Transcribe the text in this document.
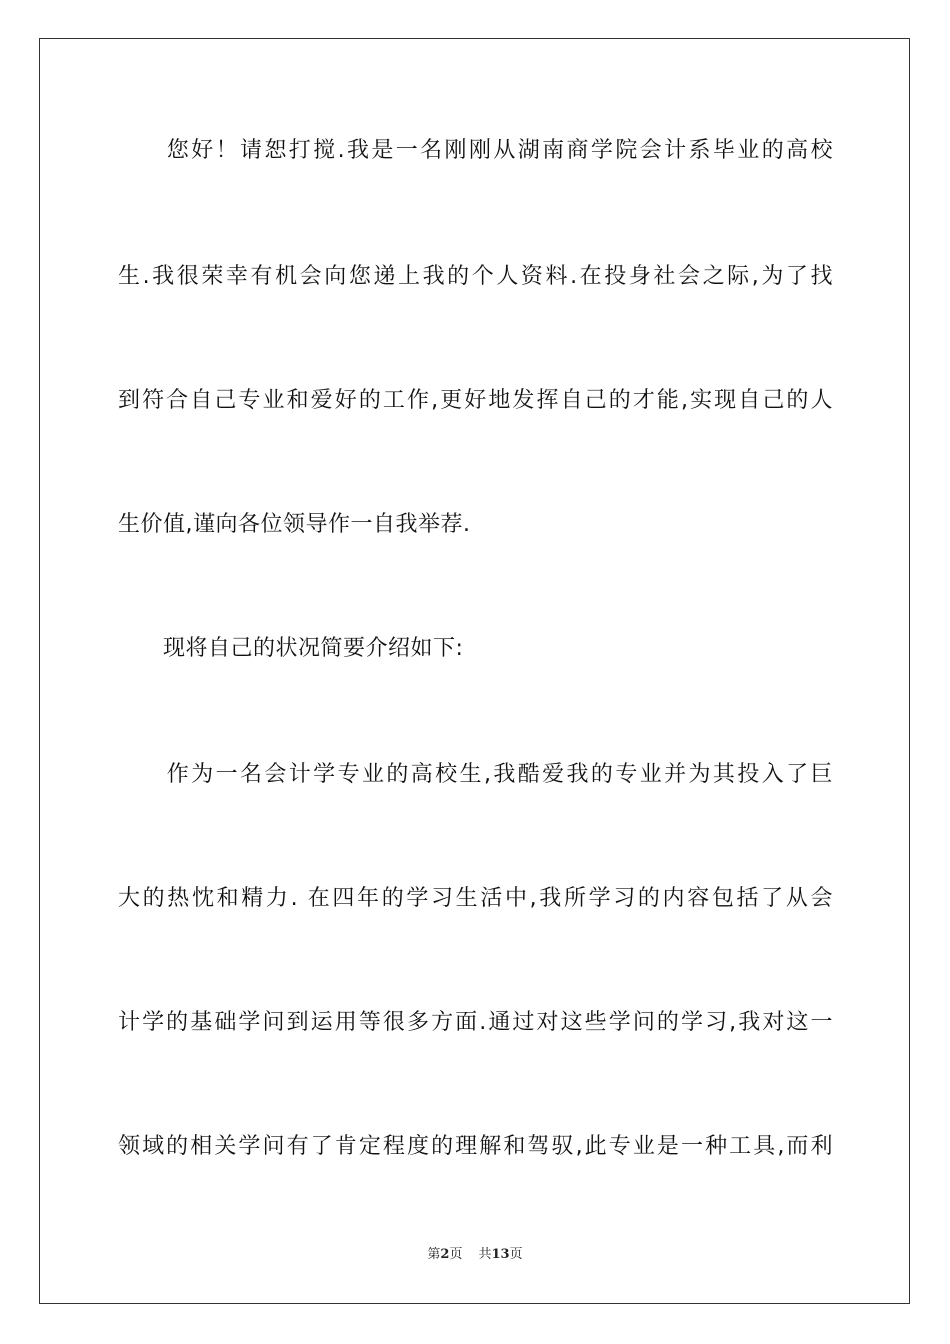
　　您好！请恕打搅.我是一名刚刚从湖南商学院会计系毕业的高校
生.我很荣幸有机会向您递上我的个人资料.在投身社会之际,为了找
到符合自己专业和爱好的工作,更好地发挥自己的才能,实现自己的人
生价值,谨向各位领导作一自我举荐.
　　现将自己的状况简要介绍如下:
　　作为一名会计学专业的高校生,我酷爱我的专业并为其投入了巨
大的热忱和精力. 在四年的学习生活中,我所学习的内容包括了从会
计学的基础学问到运用等很多方面.通过对这些学问的学习,我对这一
领域的相关学问有了肯定程度的理解和驾驭,此专业是一种工具,而利
第2页 共13页
